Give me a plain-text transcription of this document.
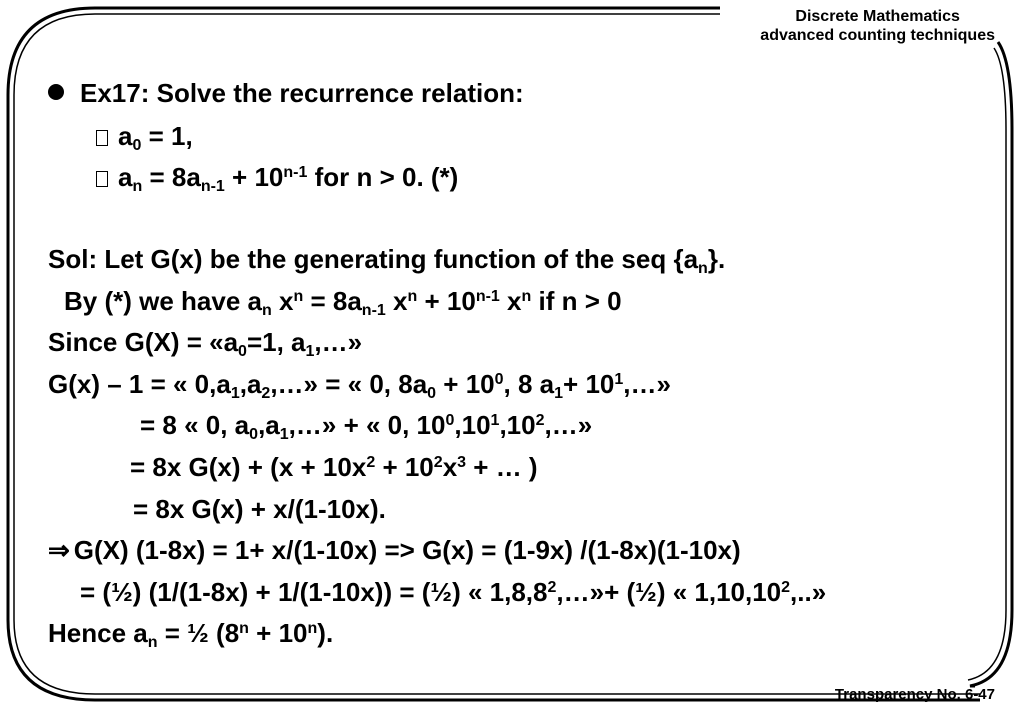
Discrete Mathematics
advanced counting techniques
Ex17: Solve the recurrence relation:
$a_0 = 1$,
$a_n = 8a_{n-1} + 10^{n-1}$ for n > 0. (*)
Sol: Let G(x) be the generating function of the seq $\{a_n\}$.
By (*) we have $a_n$ $x^n = 8a_{n-1}$ $x^n + 10^{n-1}$ $x^n$ if n > 0
Since $G(X) = «a_0=1$, $a_1,\dots$»
G(x) – 1 = « $0,a_1,a_2,\dots$» = « 0, $8a_0 + 10^0$, 8 $a_1+$ $10^1,\dots$»
= 8 « 0, $a_0,a_1,\dots$» + « 0, $10^0,10^1,10^2,\dots$»
= 8x $G(x) + (x + 10x^2 + 10^2x^3$ + … )
= 8x G(x) + x/(1-10x).
⇒ G(X) (1-8x) = 1+ x/(1-10x) => G(x) = (1-9x) /(1-8x)(1-10x)
= (½) (1/(1-8x) + 1/(1-10x)) = (½) « $1,8,8^2,\dots»+$ (½) « 1,10,10$^2$,..»
Hence $a_n$ = ½ $(8^n + 10^n)$.
Transparency No. 6-47
